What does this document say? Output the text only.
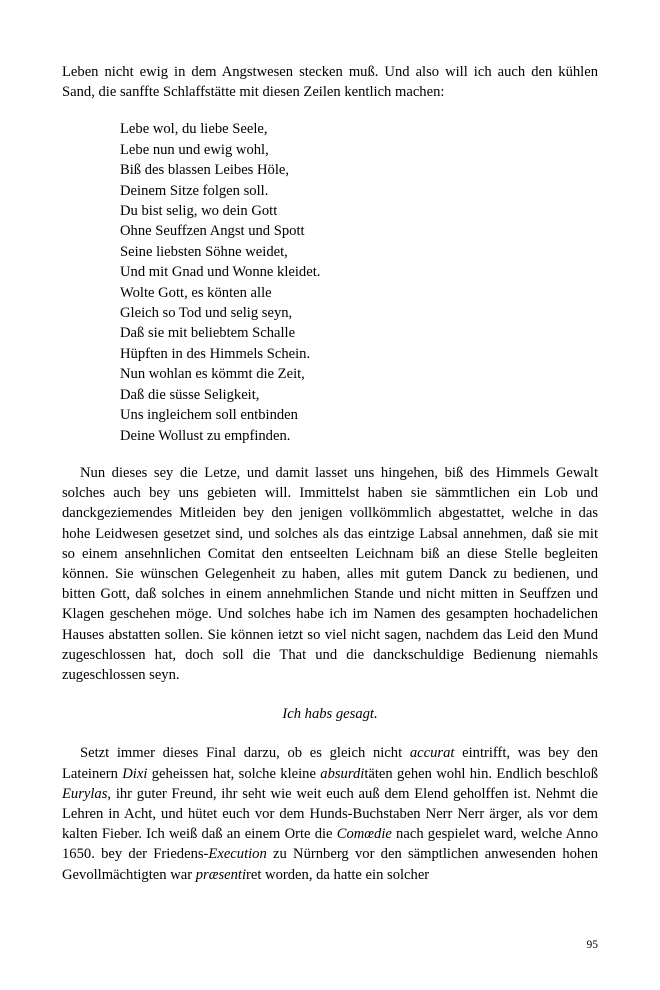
Leben nicht ewig in dem Angstwesen stecken muß. Und also will ich auch den kühlen Sand, die sanffte Schlaffstätte mit diesen Zeilen kentlich machen:

Lebe wol, du liebe Seele,
Lebe nun und ewig wohl,
Biß des blassen Leibes Höle,
Deinem Sitze folgen soll.
Du bist selig, wo dein Gott
Ohne Seuffzen Angst und Spott
Seine liebsten Söhne weidet,
Und mit Gnad und Wonne kleidet.
Wolte Gott, es könten alle
Gleich so Tod und selig seyn,
Daß sie mit beliebtem Schalle
Hüpften in des Himmels Schein.
Nun wohlan es kömmt die Zeit,
Daß die süsse Seligkeit,
Uns ingleichem soll entbinden
Deine Wollust zu empfinden.

Nun dieses sey die Letze, und damit lasset uns hingehen, biß des Himmels Gewalt solches auch bey uns gebieten will. Immittelst haben sie sämmtlichen ein Lob und danckgeziemendes Mitleiden bey den jenigen vollkömmlich abgestattet, welche in das hohe Leidwesen gesetzet sind, und solches als das eintzige Labsal annehmen, daß sie mit so einem ansehnlichen Comitat den entseelten Leichnam biß an diese Stelle begleiten können. Sie wünschen Gelegenheit zu haben, alles mit gutem Danck zu bedienen, und bitten Gott, daß solches in einem annehmlichen Stande und nicht mitten in Seuffzen und Klagen geschehen möge. Und solches habe ich im Namen des gesampten hochadelichen Hauses abstatten sollen. Sie können ietzt so viel nicht sagen, nachdem das Leid den Mund zugeschlossen hat, doch soll die That und die danckschuldige Bedienung niemahls zugeschlossen seyn.

Ich habs gesagt.

Setzt immer dieses Final darzu, ob es gleich nicht accurat eintrifft, was bey den Lateinern Dixi geheissen hat, solche kleine absurditäten gehen wohl hin. Endlich beschloß Eurylas, ihr guter Freund, ihr seht wie weit euch auß dem Elend geholffen ist. Nehmt die Lehren in Acht, und hütet euch vor dem Hunds-Buchstaben Nerr Nerr ärger, als vor dem kalten Fieber. Ich weiß daß an einem Orte die Comœdie nach gespielet ward, welche Anno 1650. bey der Friedens-Execution zu Nürnberg vor den sämptlichen anwesenden hohen Gevollmächtigten war præsentiret worden, da hatte ein solcher

95
